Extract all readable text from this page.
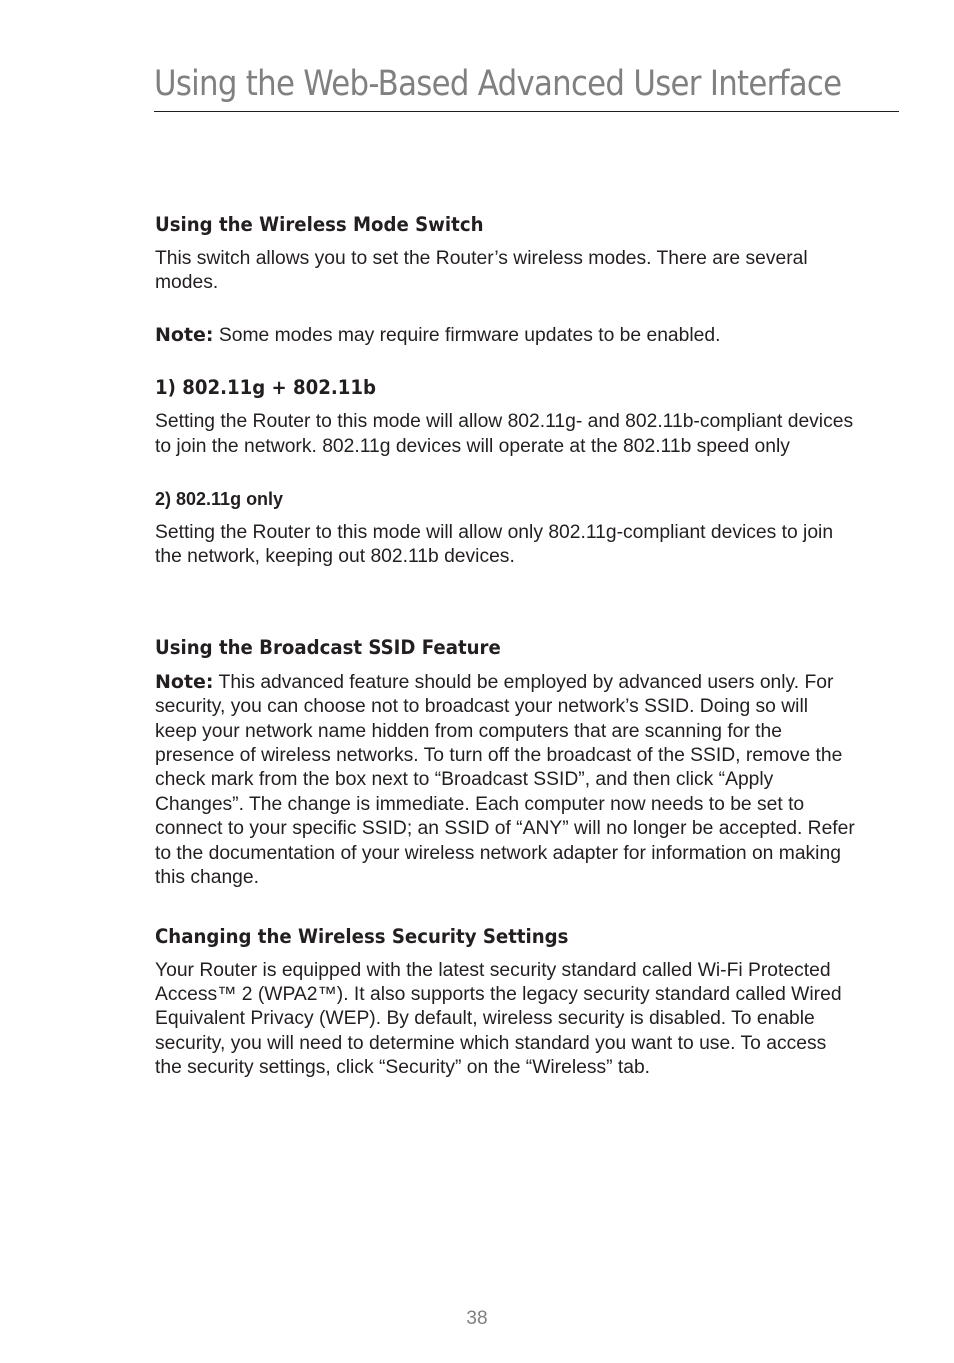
Using the Web-Based Advanced User Interface
Using the Wireless Mode Switch

This switch allows you to set the Router’s wireless modes. There are several modes.

Note: Some modes may require firmware updates to be enabled.

1) 802.11g + 802.11b

Setting the Router to this mode will allow 802.11g- and 802.11b-compliant devices to join the network. 802.11g devices will operate at the 802.11b speed only

2) 802.11g only

Setting the Router to this mode will allow only 802.11g-compliant devices to join the network, keeping out 802.11b devices.

Using the Broadcast SSID Feature

Note: This advanced feature should be employed by advanced users only. For security, you can choose not to broadcast your network’s SSID. Doing so will keep your network name hidden from computers that are scanning for the presence of wireless networks. To turn off the broadcast of the SSID, remove the check mark from the box next to “Broadcast SSID”, and then click “Apply Changes”. The change is immediate. Each computer now needs to be set to connect to your specific SSID; an SSID of “ANY” will no longer be accepted. Refer to the documentation of your wireless network adapter for information on making this change.

Changing the Wireless Security Settings

Your Router is equipped with the latest security standard called Wi-Fi Protected Access™ 2 (WPA2™). It also supports the legacy security standard called Wired Equivalent Privacy (WEP). By default, wireless security is disabled. To enable security, you will need to determine which standard you want to use. To access the security settings, click “Security” on the “Wireless” tab.

38
